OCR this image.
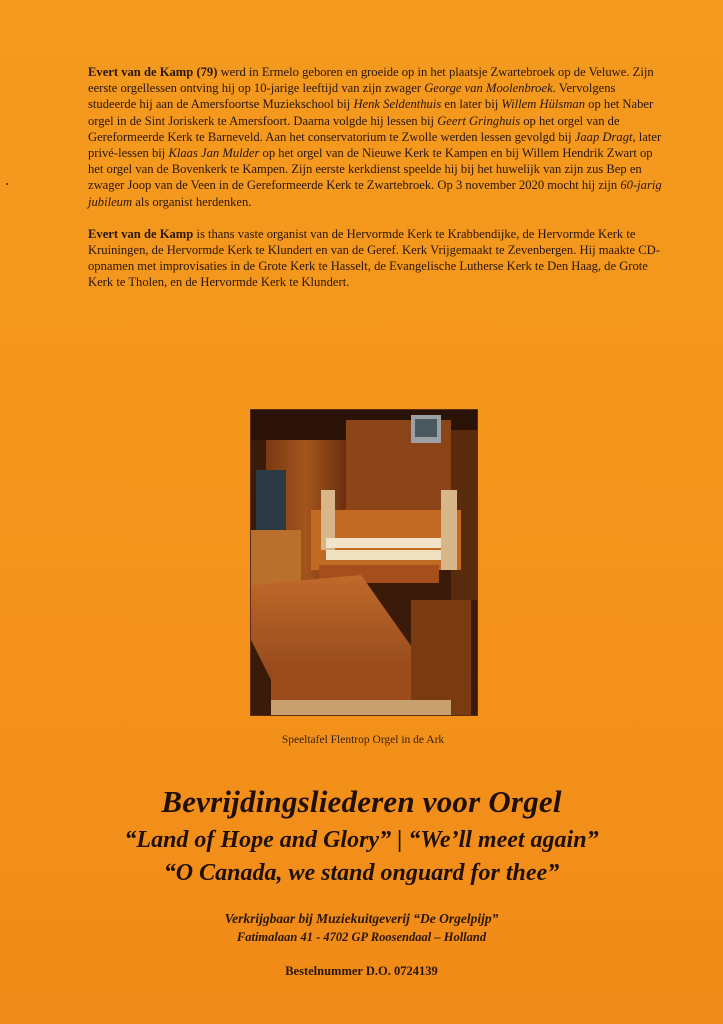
Evert van de Kamp (79) werd in Ermelo geboren en groeide op in het plaatsje Zwartebroek op de Veluwe. Zijn eerste orgellessen ontving hij op 10-jarige leeftijd van zijn zwager George van Moolenbroek. Vervolgens studeerde hij aan de Amersfoortse Muziekschool bij Henk Seldenthuis en later bij Willem Hülsman op het Naber orgel in de Sint Joriskerk te Amersfoort. Daarna volgde hij lessen bij Geert Gringhuis op het orgel van de Gereformeerde Kerk te Barneveld. Aan het conservatorium te Zwolle werden lessen gevolgd bij Jaap Dragt, later privé-lessen bij Klaas Jan Mulder op het orgel van de Nieuwe Kerk te Kampen en bij Willem Hendrik Zwart op het orgel van de Bovenkerk te Kampen. Zijn eerste kerkdienst speelde hij bij het huwelijk van zijn zus Bep en zwager Joop van de Veen in de Gereformeerde Kerk te Zwartebroek. Op 3 november 2020 mocht hij zijn 60-jarig jubileum als organist herdenken.

Evert van de Kamp is thans vaste organist van de Hervormde Kerk te Krabbendijke, de Hervormde Kerk te Kruiningen, de Hervormde Kerk te Klundert en van de Geref. Kerk Vrijgemaakt te Zevenbergen. Hij maakte CD-opnamen met improvisaties in de Grote Kerk te Hasselt, de Evangelische Lutherse Kerk te Den Haag, de Grote Kerk te Tholen, en de Hervormde Kerk te Klundert.

Speeltafel Flentrop Orgel in de Ark
Bevrijdingsliederen voor Orgel
“Land of Hope and Glory” | “We’ll meet again”
“O Canada, we stand onguard for thee”
Verkrijgbaar bij Muziekuitgeverij “De Orgelpijp”
Fatimalaan 41 - 4702 GP Roosendaal – Holland
Bestelnummer D.O. 0724139
